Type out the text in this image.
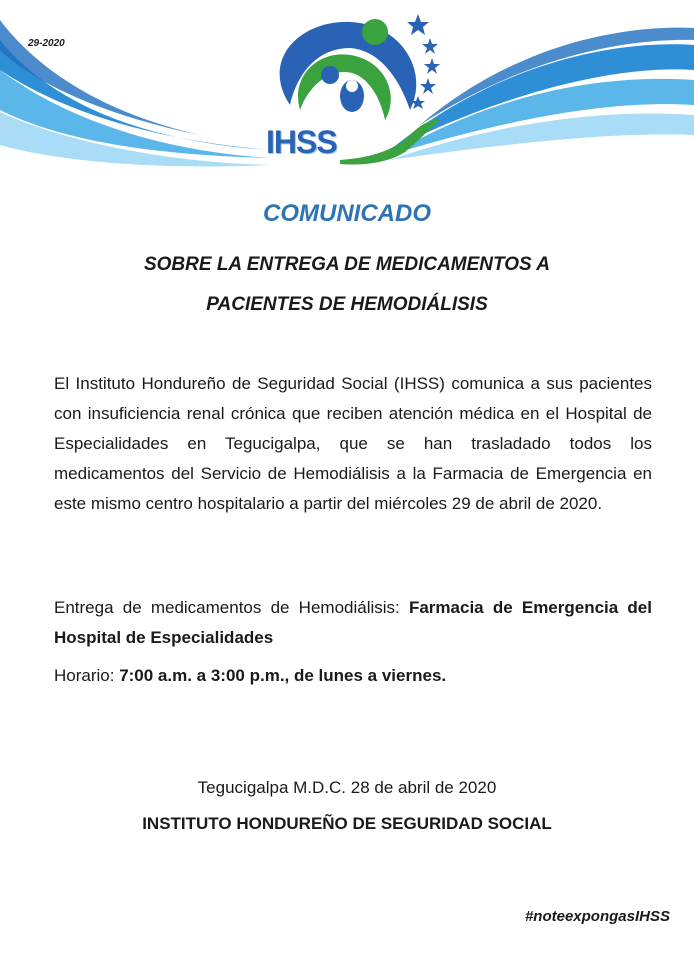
29-2020
IHSS
COMUNICADO
SOBRE LA ENTREGA DE MEDICAMENTOS A
PACIENTES DE HEMODIÁLISIS
El Instituto Hondureño de Seguridad Social (IHSS) comunica a sus pacientes con insuficiencia renal crónica que reciben atención médica en el Hospital de Especialidades en Tegucigalpa, que se han trasladado todos los medicamentos del Servicio de Hemodiálisis a la Farmacia de Emergencia en este mismo centro hospitalario a partir del miércoles 29 de abril de 2020.
Entrega de medicamentos de Hemodiálisis: Farmacia de Emergencia del Hospital de Especialidades
Horario: 7:00 a.m. a 3:00 p.m., de lunes a viernes.
Tegucigalpa M.D.C. 28 de abril de 2020
INSTITUTO HONDUREÑO DE SEGURIDAD SOCIAL
#noteexpongasIHSS
